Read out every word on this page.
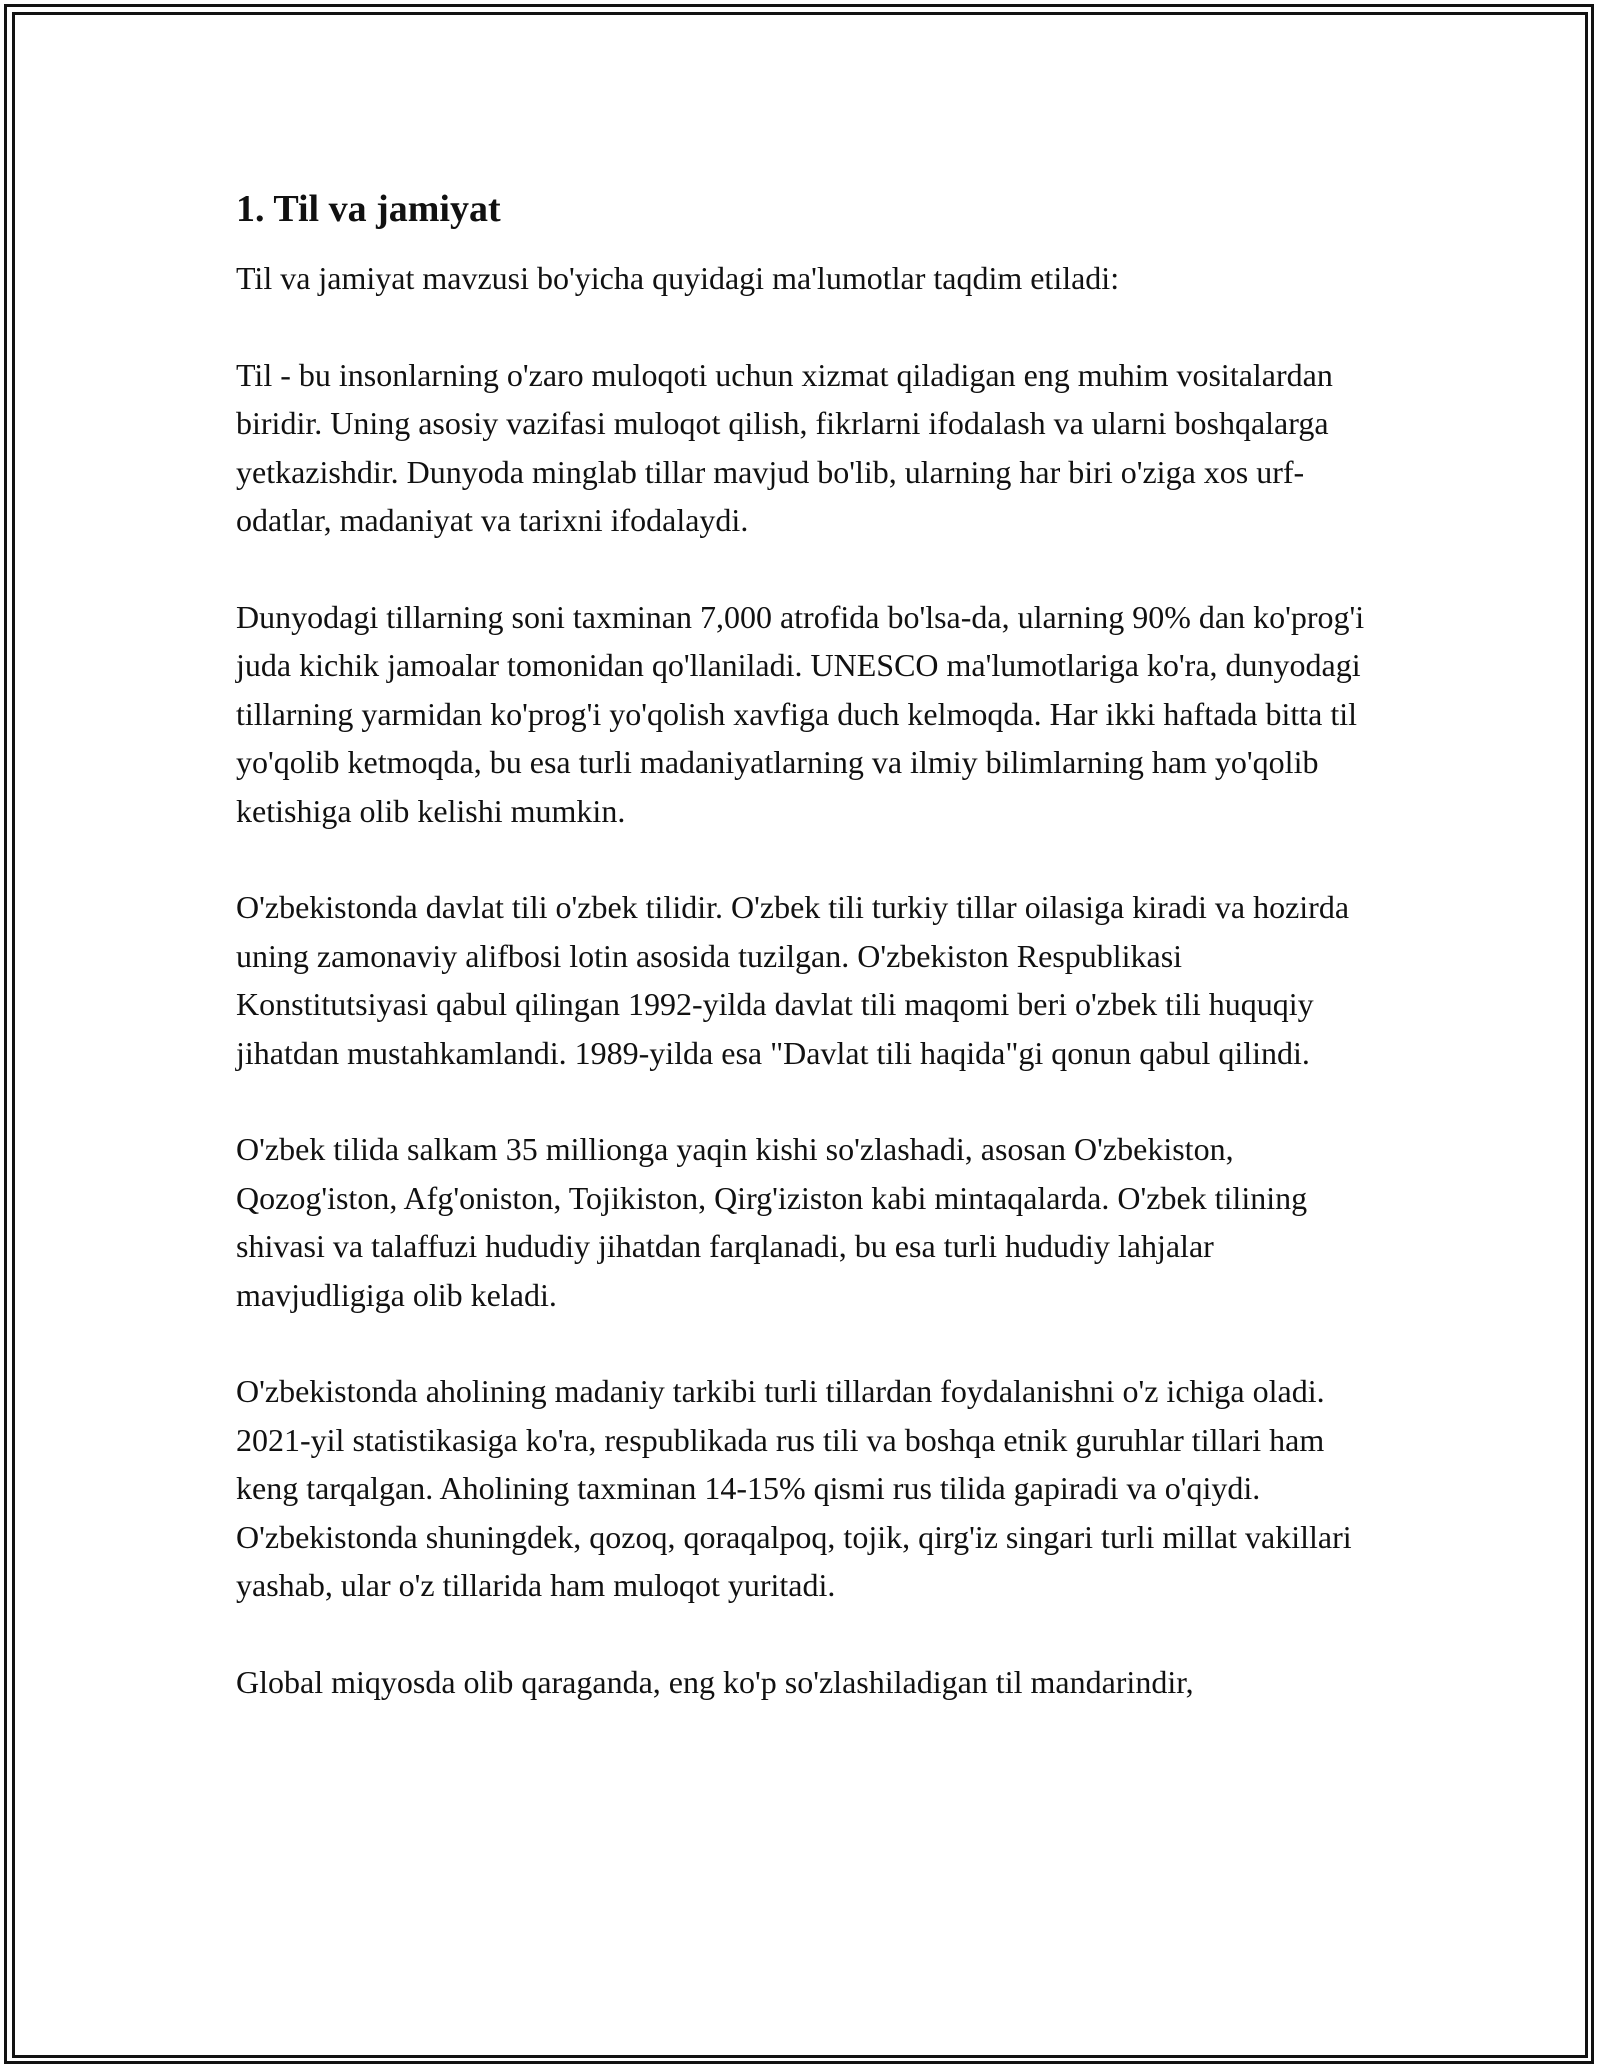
1. Til va jamiyat

Til va jamiyat mavzusi bo'yicha quyidagi ma'lumotlar taqdim etiladi:

Til - bu insonlarning o'zaro muloqoti uchun xizmat qiladigan eng muhim vositalardan biridir. Uning asosiy vazifasi muloqot qilish, fikrlarni ifodalash va ularni boshqalarga yetkazishdir. Dunyoda minglab tillar mavjud bo'lib, ularning har biri o'ziga xos urf-odatlar, madaniyat va tarixni ifodalaydi.

Dunyodagi tillarning soni taxminan 7,000 atrofida bo'lsa-da, ularning 90% dan ko'prog'i juda kichik jamoalar tomonidan qo'llaniladi. UNESCO ma'lumotlariga ko'ra, dunyodagi tillarning yarmidan ko'prog'i yo'qolish xavfiga duch kelmoqda. Har ikki haftada bitta til yo'qolib ketmoqda, bu esa turli madaniyatlarning va ilmiy bilimlarning ham yo'qolib ketishiga olib kelishi mumkin.

O'zbekistonda davlat tili o'zbek tilidir. O'zbek tili turkiy tillar oilasiga kiradi va hozirda uning zamonaviy alifbosi lotin asosida tuzilgan. O'zbekiston Respublikasi Konstitutsiyasi qabul qilingan 1992-yilda davlat tili maqomi beri o'zbek tili huquqiy jihatdan mustahkamlandi. 1989-yilda esa "Davlat tili haqida"gi qonun qabul qilindi.

O'zbek tilida salkam 35 millionga yaqin kishi so'zlashadi, asosan O'zbekiston, Qozog'iston, Afg'oniston, Tojikiston, Qirg'iziston kabi mintaqalarda. O'zbek tilining shivasi va talaffuzi hududiy jihatdan farqlanadi, bu esa turli hududiy lahjalar mavjudligiga olib keladi.

O'zbekistonda aholining madaniy tarkibi turli tillardan foydalanishni o'z ichiga oladi. 2021-yil statistikasiga ko'ra, respublikada rus tili va boshqa etnik guruhlar tillari ham keng tarqalgan. Aholining taxminan 14-15% qismi rus tilida gapiradi va o'qiydi. O'zbekistonda shuningdek, qozoq, qoraqalpoq, tojik, qirg'iz singari turli millat vakillari yashab, ular o'z tillarida ham muloqot yuritadi.

Global miqyosda olib qaraganda, eng ko'p so'zlashiladigan til mandarindir,
